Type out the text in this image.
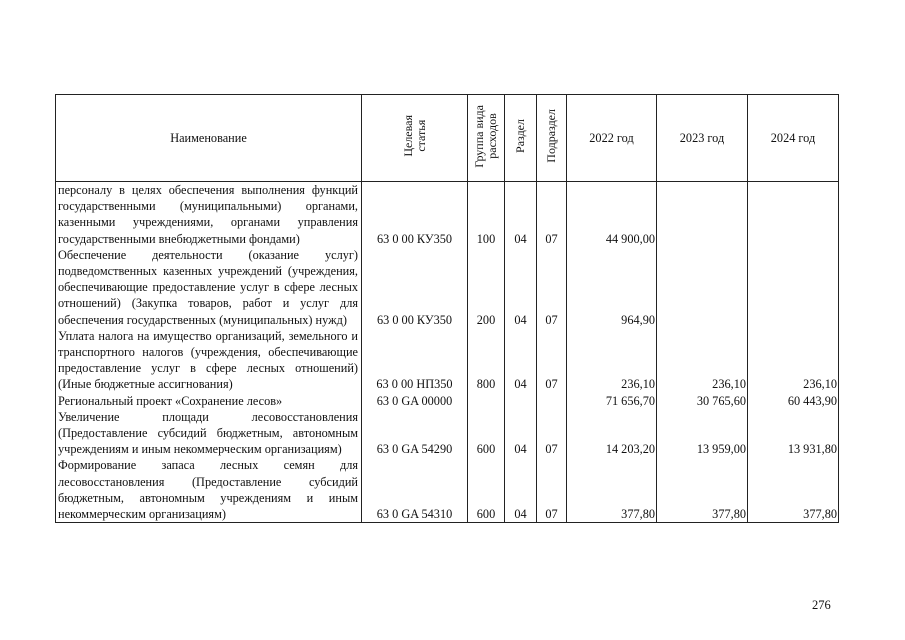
Наименование	Целевая статья	Группа вида расходов	Раздел	Подраздел	2022 год	2023 год	2024 год
персоналу в целях обеспечения выполнения функций государственными (муниципальными) органами, казенными учреждениями, органами управления государственными внебюджетными фондами)	63 0 00 КУ350	100	04	07	44 900,00		
Обеспечение деятельности (оказание услуг) подведомственных казенных учреждений (учреждения, обеспечивающие предоставление услуг в сфере лесных отношений) (Закупка товаров, работ и услуг для обеспечения государственных (муниципальных) нужд)	63 0 00 КУ350	200	04	07	964,90		
Уплата налога на имущество организаций, земельного и транспортного налогов (учреждения, обеспечивающие предоставление услуг в сфере лесных отношений) (Иные бюджетные ассигнования)	63 0 00 НП350	800	04	07	236,10	236,10	236,10
Региональный проект «Сохранение лесов»	63 0 GA 00000				71 656,70	30 765,60	60 443,90
Увеличение площади лесовосстановления (Предоставление субсидий бюджетным, автономным учреждениям и иным некоммерческим организациям)	63 0 GA 54290	600	04	07	14 203,20	13 959,00	13 931,80
Формирование запаса лесных семян для лесовосстановления (Предоставление субсидий бюджетным, автономным учреждениям и иным некоммерческим организациям)	63 0 GA 54310	600	04	07	377,80	377,80	377,80
276
